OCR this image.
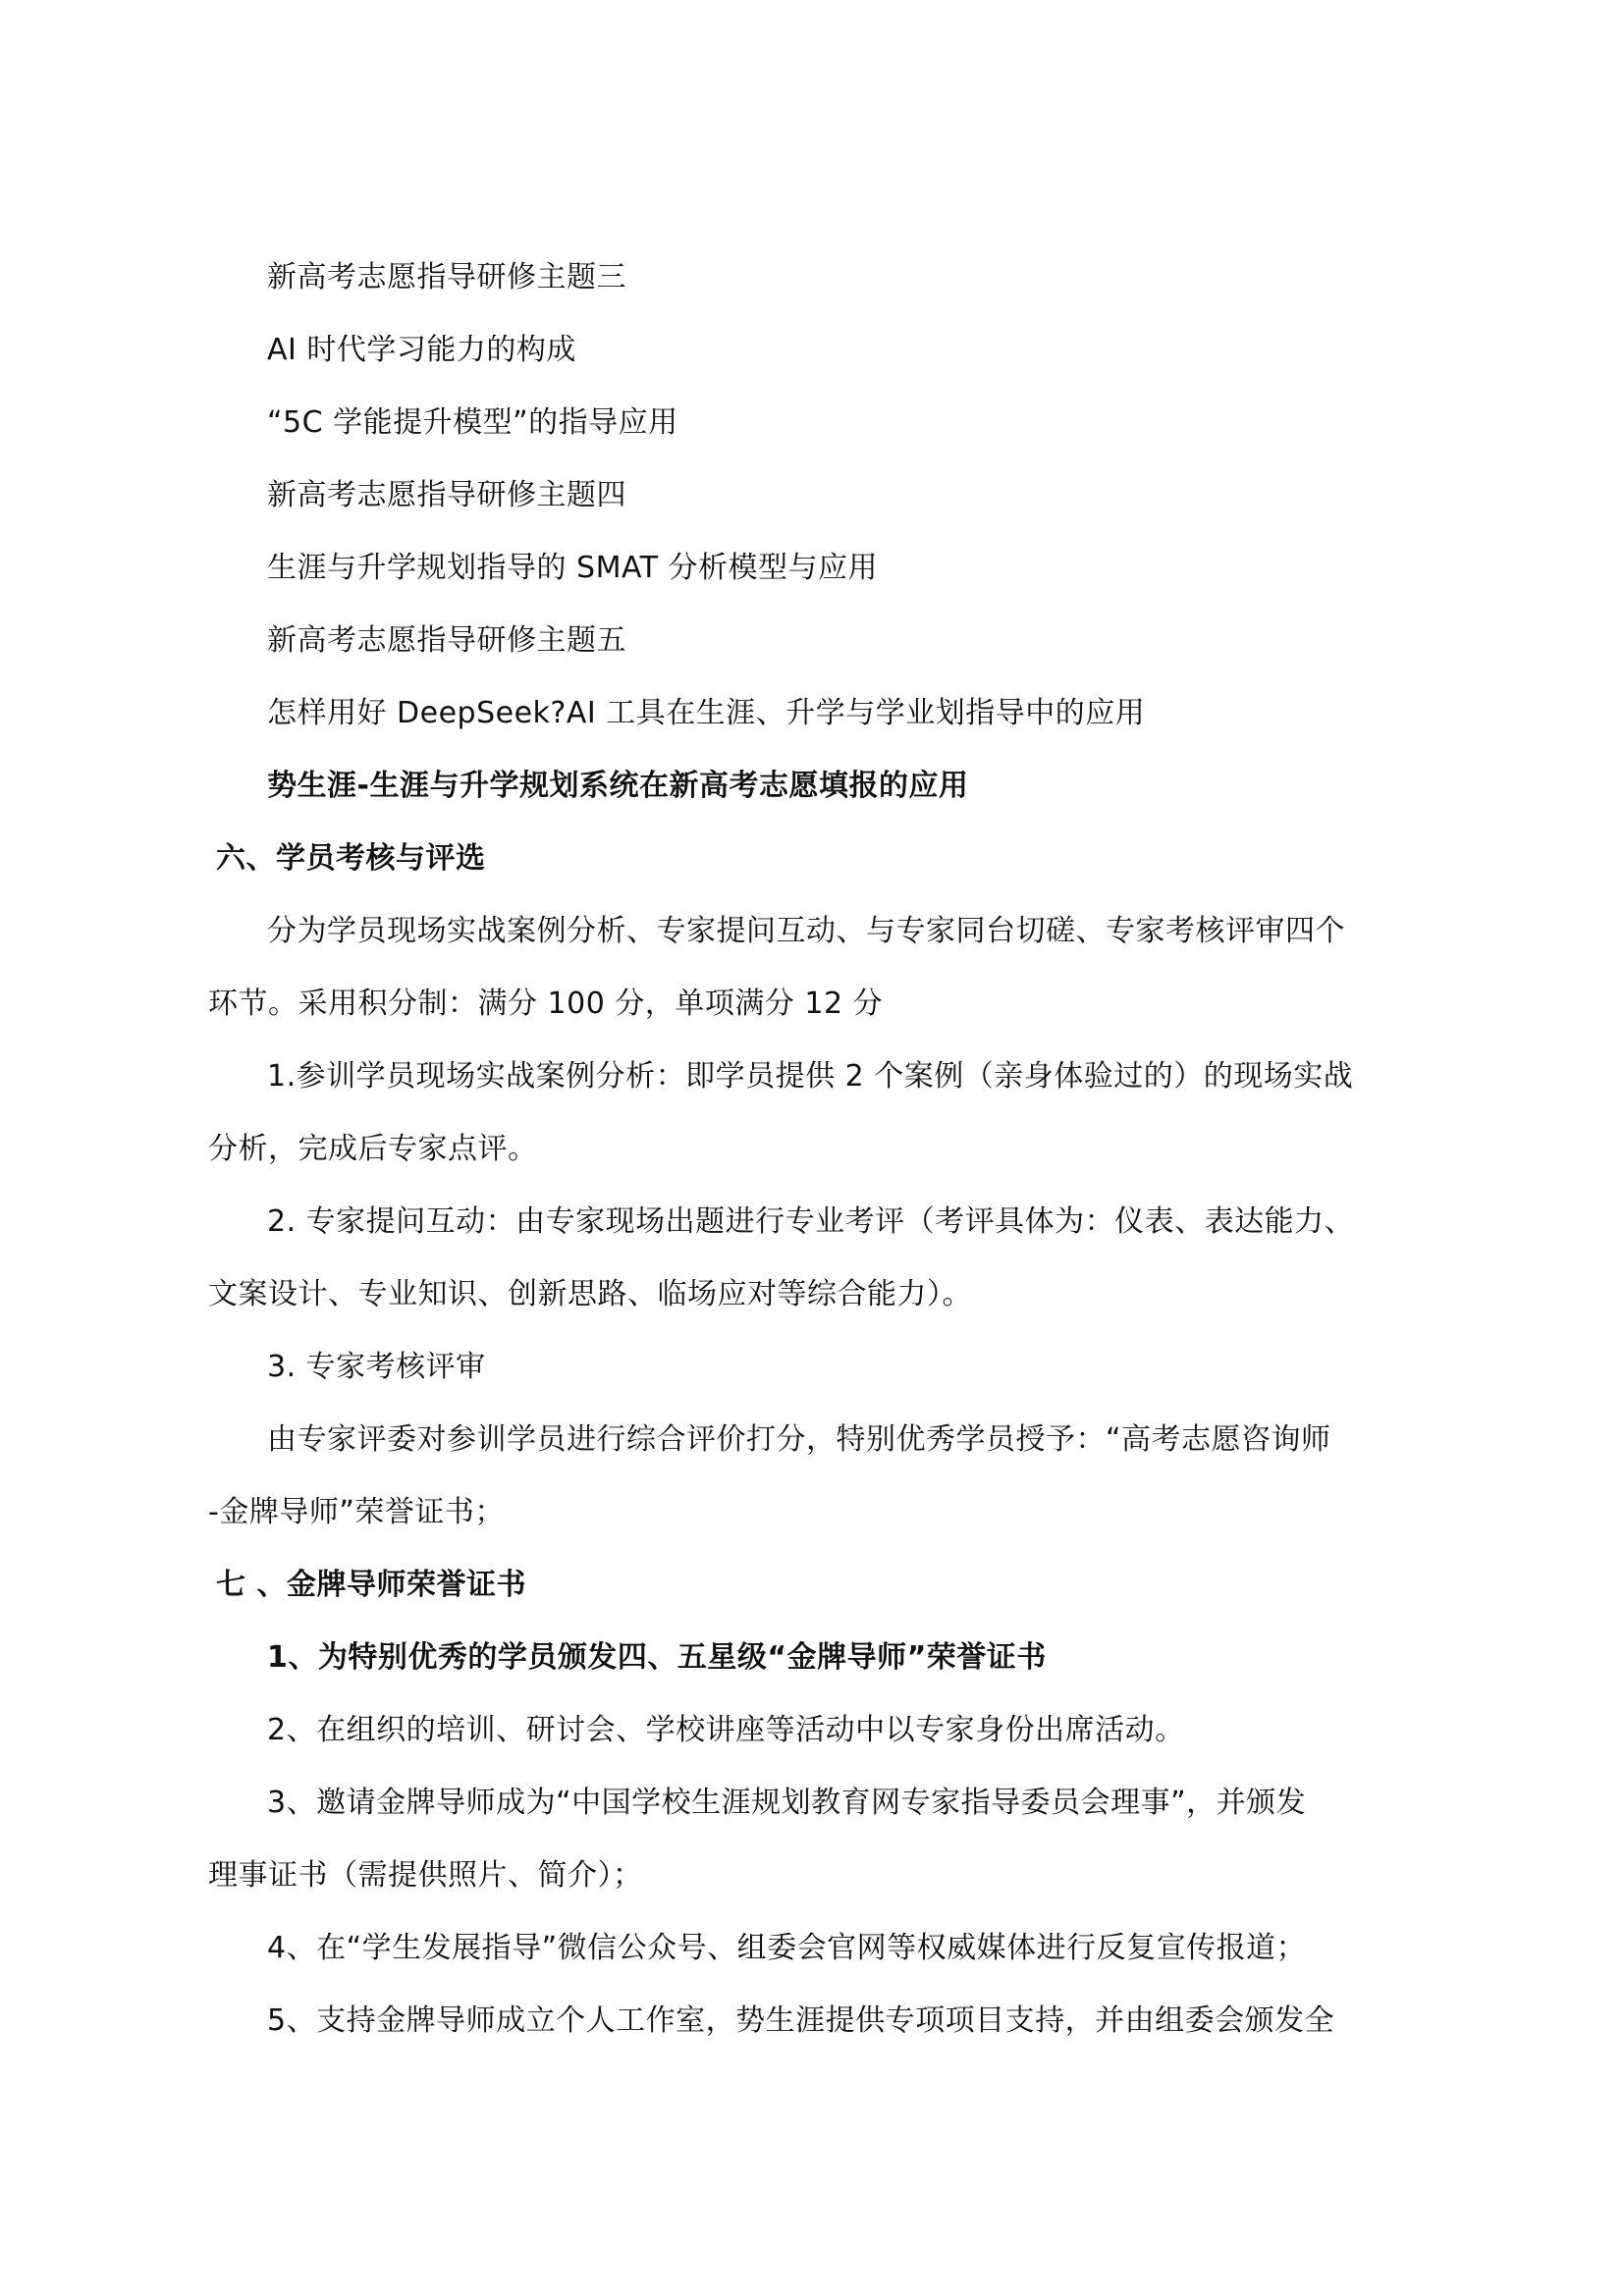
新高考志愿指导研修主题三
AI 时代学习能力的构成
“5C 学能提升模型”的指导应用
新高考志愿指导研修主题四
生涯与升学规划指导的 SMAT 分析模型与应用
新高考志愿指导研修主题五
怎样用好 DeepSeek?AI 工具在生涯、升学与学业划指导中的应用
势生涯-生涯与升学规划系统在新高考志愿填报的应用
六、学员考核与评选
分为学员现场实战案例分析、专家提问互动、与专家同台切磋、专家考核评审四个
环节。采用积分制：满分 100 分，单项满分 12 分
1.参训学员现场实战案例分析：即学员提供 2 个案例（亲身体验过的）的现场实战
分析，完成后专家点评。
2. 专家提问互动：由专家现场出题进行专业考评（考评具体为：仪表、表达能力、
文案设计、专业知识、创新思路、临场应对等综合能力）。
3. 专家考核评审
由专家评委对参训学员进行综合评价打分，特别优秀学员授予：“高考志愿咨询师
-金牌导师”荣誉证书；
七 、金牌导师荣誉证书
1、为特别优秀的学员颁发四、五星级“金牌导师”荣誉证书
2、在组织的培训、研讨会、学校讲座等活动中以专家身份出席活动。
3、邀请金牌导师成为“中国学校生涯规划教育网专家指导委员会理事”，并颁发
理事证书（需提供照片、简介）；
4、在“学生发展指导”微信公众号、组委会官网等权威媒体进行反复宣传报道；
5、支持金牌导师成立个人工作室，势生涯提供专项项目支持，并由组委会颁发全
